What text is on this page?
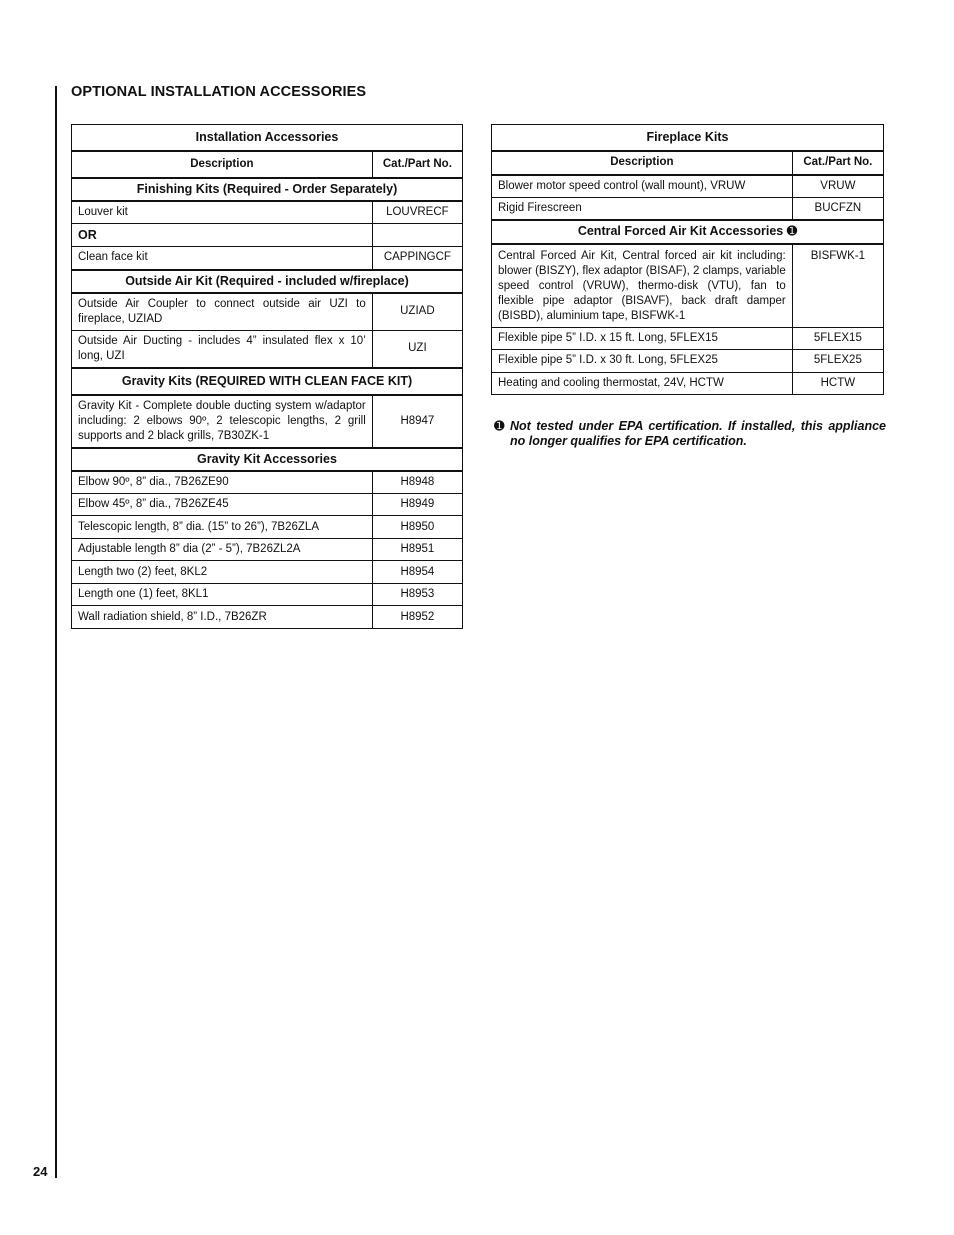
OPTIONAL INSTALLATION ACCESSORIES
Installation Accessories	
Description	Cat./Part No.
Finishing Kits (Required - Order Separately)	
Louver kit	LOUVRECF
OR	
Clean face kit	CAPPINGCF
Outside Air Kit (Required - included w/fireplace)	
Outside Air Coupler to connect outside air UZI to fireplace, UZIAD	UZIAD
Outside Air Ducting - includes 4” insulated flex x 10’ long, UZI	UZI
Gravity Kits (REQUIRED WITH CLEAN FACE KIT)	
Gravity Kit - Complete double ducting system w/adaptor including: 2 elbows 90º, 2 telescopic lengths, 2 grill supports and 2 black grills, 7B30ZK-1	H8947
Gravity Kit Accessories	
Elbow 90º, 8” dia., 7B26ZE90	H8948
Elbow 45º, 8” dia., 7B26ZE45	H8949
Telescopic length, 8” dia. (15” to 26”), 7B26ZLA	H8950
Adjustable length 8” dia (2” - 5”), 7B26ZL2A	H8951
Length two (2) feet, 8KL2	H8954
Length one (1) feet, 8KL1	H8953
Wall radiation shield, 8” I.D., 7B26ZR	H8952
Fireplace Kits	
Description	Cat./Part No.
Blower motor speed control (wall mount), VRUW	VRUW
Rigid Firescreen	BUCFZN
Central Forced Air Kit Accessories ➊	
Central Forced Air Kit, Central forced air kit including: blower (BISZY), flex adaptor (BISAF), 2 clamps, variable speed control (VRUW), thermo-disk (VTU), fan to flexible pipe adaptor (BISAVF), back draft damper (BISBD), aluminium tape, BISFWK-1	BISFWK-1
Flexible pipe 5” I.D. x 15 ft. Long, 5FLEX15	5FLEX15
Flexible pipe 5” I.D. x 30 ft. Long, 5FLEX25	5FLEX25
Heating and cooling thermostat, 24V, HCTW	HCTW
➊ Not tested under EPA certification. If installed, this appliance no longer qualifies for EPA certification.
24
